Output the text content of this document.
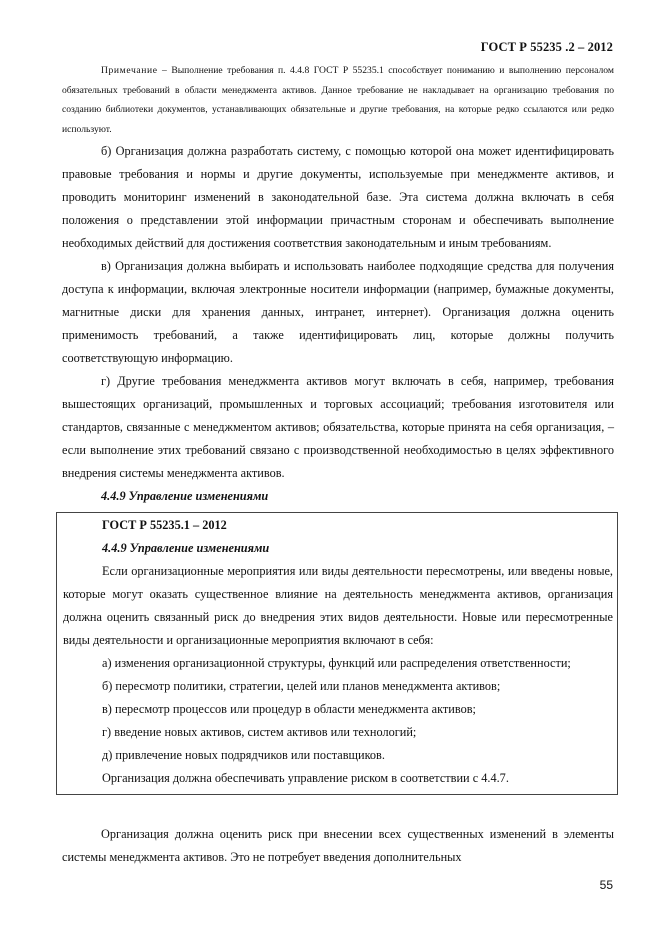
ГОСТ Р 55235 .2 – 2012
Примечание – Выполнение требования п. 4.4.8 ГОСТ Р 55235.1 способствует пониманию и выполнению персоналом обязательных требований в области менеджмента активов. Данное требование не накладывает на организацию требования по созданию библиотеки документов, устанавливающих обязательные и другие требования, на которые редко ссылаются или редко используют.

б) Организация должна разработать систему, с помощью которой она может идентифицировать правовые требования и нормы и другие документы, используемые при менеджменте активов, и проводить мониторинг изменений в законодательной базе. Эта система должна включать в себя положения о представлении этой информации причастным сторонам и обеспечивать выполнение необходимых действий для достижения соответствия законодательным и иным требованиям.

в) Организация должна выбирать и использовать наиболее подходящие средства для получения доступа к информации, включая электронные носители информации (например, бумажные документы, магнитные диски для хранения данных, интранет, интернет). Организация должна оценить применимость требований, а также идентифицировать лиц, которые должны получить соответствующую информацию.

г) Другие требования менеджмента активов могут включать в себя, например, требования вышестоящих организаций, промышленных и торговых ассоциаций; требования изготовителя или стандартов, связанные с менеджментом активов; обязательства, которые принята на себя организация, – если выполнение этих требований связано с производственной необходимостью в целях эффективного внедрения системы менеджмента активов.

4.4.9 Управление изменениями

ГОСТ Р 55235.1 – 2012

4.4.9 Управление изменениями

Если организационные мероприятия или виды деятельности пересмотрены, или введены новые, которые могут оказать существенное влияние на деятельность менеджмента активов, организация должна оценить связанный риск до внедрения этих видов деятельности. Новые или пересмотренные виды деятельности и организационные мероприятия включают в себя:

а) изменения организационной структуры, функций или распределения ответственности;

б) пересмотр политики, стратегии, целей или планов менеджмента активов;

в) пересмотр процессов или процедур в области менеджмента активов;

г) введение новых активов, систем активов или технологий;

д) привлечение новых подрядчиков или поставщиков.

Организация должна обеспечивать управление риском в соответствии с 4.4.7.

Организация должна оценить риск при внесении всех существенных изменений в элементы системы менеджмента активов. Это не потребует введения дополнительных

55
